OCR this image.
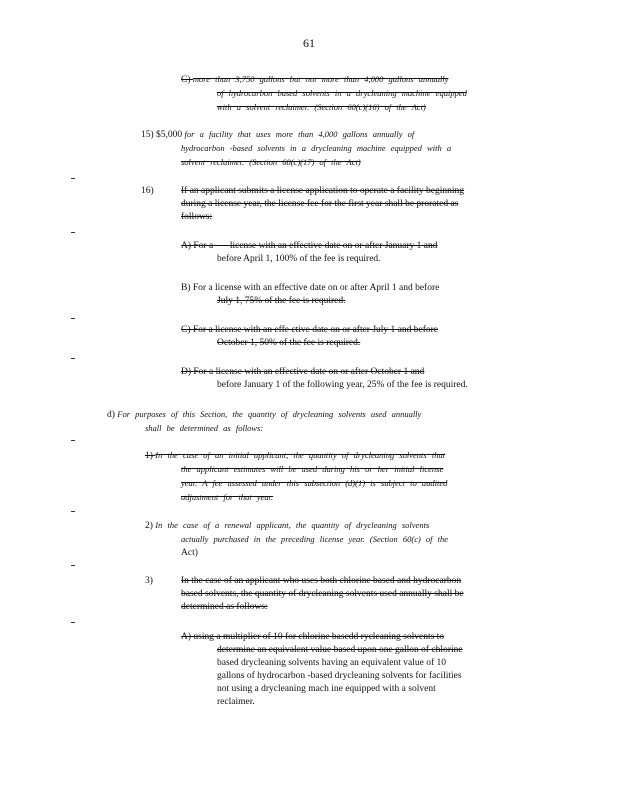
61
C) more than 3,750 gallons but not more than 4,000 gallons annually
of hydrocarbon based solvents in a drycleaning machine equipped
with a solvent reclaimer. (Section 60(c)(16) of the Act)
15) $5,000 for a facility that uses more than 4,000 gallons annually of
hydrocarbon -based solvents in a drycleaning machine equipped with a
solvent reclaimer. (Section 60(c)(17) of the Act)
16)	If an applicant submits a license application to operate a facility beginning
during a license year, the license fee for the first year shall be prorated as
follows:
A) For a license with an effective date on or after January 1 and
before April 1, 100% of the fee is required.
B) For a license with an effective date on or after April 1 and before
July 1, 75% of the fee is required.
C) For a license with an effe ctive date on or after July 1 and before
October 1, 50% of the fee is required.
D) For a license with an effective date on or after October 1 and
before January 1 of the following year, 25% of the fee is required.
d) For purposes of this Section, the quantity of drycleaning solvents used annually
shall be determined as follows:
1) In the case of an initial applicant, the quantity of drycleaning solvents that
the applicant estimates will be used during his or her initial license
year. A fee assessed under this subsection (d)(1) is subject to audited
adjustment for that year.
2) In the case of a renewal applicant, the quantity of drycleaning solvents
actually purchased in the preceding license year. (Section 60(c) of the
Act)
3)	In the case of an applicant who uses both chlorine based and hydrocarbon
based solvents, the quantity of drycleaning solvents used annually shall be
determined as follows:
A) using a multiplier of 10 for chlorine basedd rycleaning solvents to
determine an equivalent value based upon one gallon of chlorine
based drycleaning solvents having an equivalent value of 10
gallons of hydrocarbon -based drycleaning solvents for facilities
not using a drycleaning mach ine equipped with a solvent
reclaimer.
